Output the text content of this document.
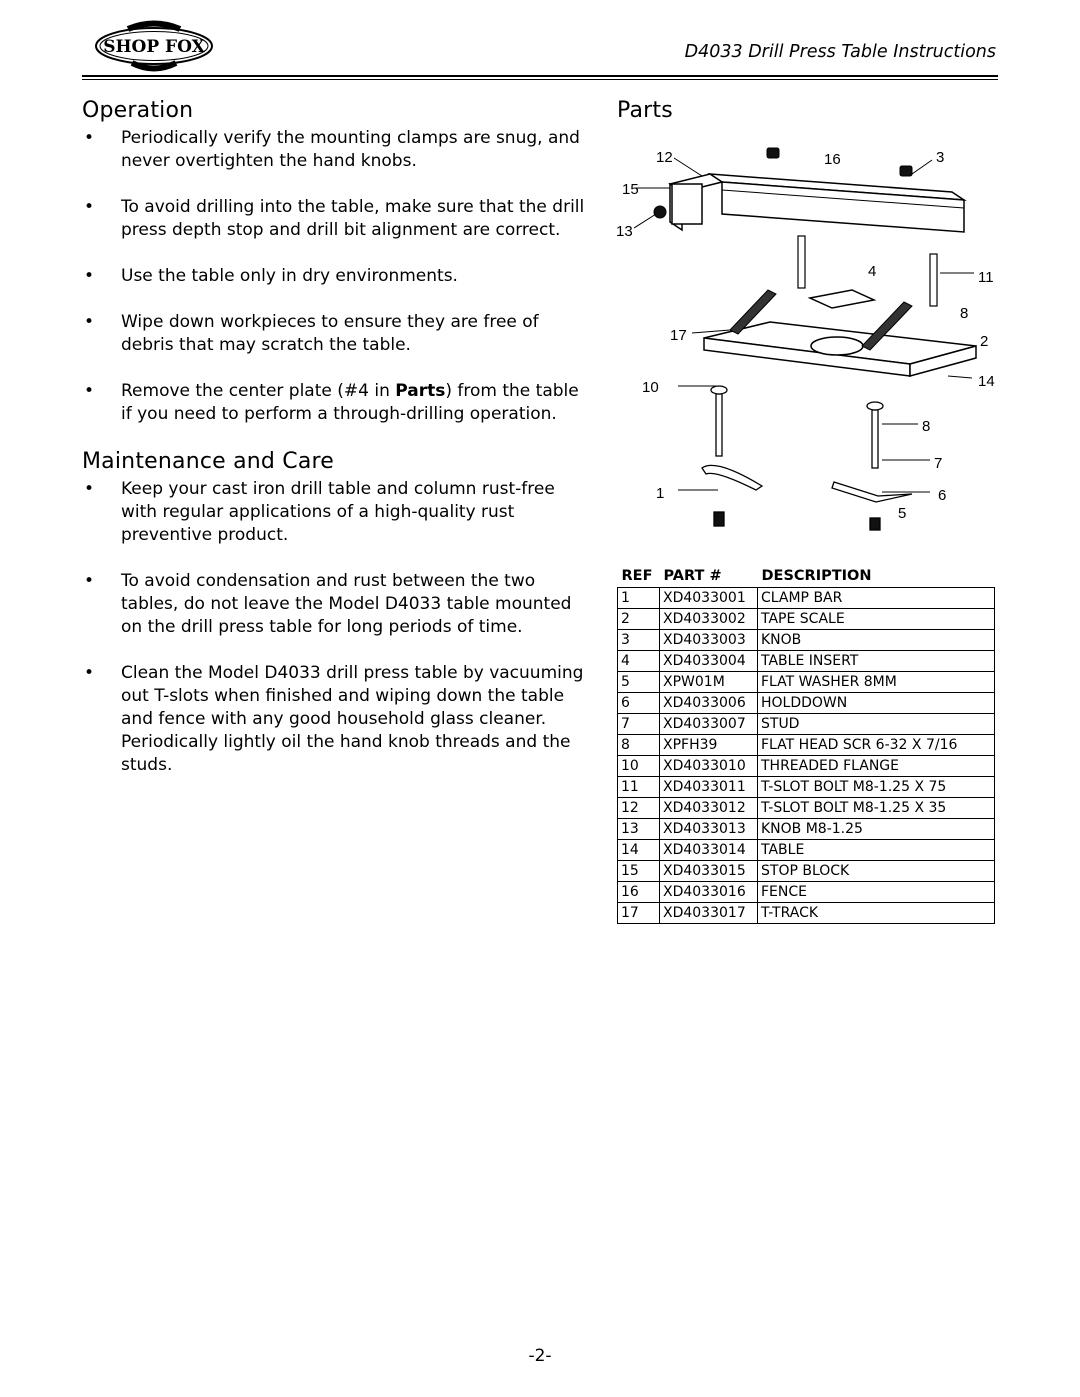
SHOP FOX	D4033 Drill Press Table Instructions
Operation
• Periodically verify the mounting clamps are snug, and never overtighten the hand knobs.
• To avoid drilling into the table, make sure that the drill press depth stop and drill bit alignment are correct.
• Use the table only in dry environments.
• Wipe down workpieces to ensure they are free of debris that may scratch the table.
• Remove the center plate (#4 in Parts) from the table if you need to perform a through-drilling operation.
Maintenance and Care
• Keep your cast iron drill table and column rust-free with regular applications of a high-quality rust preventive product.
• To avoid condensation and rust between the two tables, do not leave the Model D4033 table mounted on the drill press table for long periods of time.
• Clean the Model D4033 drill press table by vacuuming out T-slots when finished and wiping down the table and fence with any good household glass cleaner. Periodically lightly oil the hand knob threads and the studs.
Parts
12	16	3
15
13
4	11
8
17	2
10	14
8
7
1	6
5
REF	PART #	DESCRIPTION
1	XD4033001	CLAMP BAR
2	XD4033002	TAPE SCALE
3	XD4033003	KNOB
4	XD4033004	TABLE INSERT
5	XPW01M	FLAT WASHER 8MM
6	XD4033006	HOLDDOWN
7	XD4033007	STUD
8	XPFH39	FLAT HEAD SCR 6-32 X 7/16
10	XD4033010	THREADED FLANGE
11	XD4033011	T-SLOT BOLT M8-1.25 X 75
12	XD4033012	T-SLOT BOLT M8-1.25 X 35
13	XD4033013	KNOB M8-1.25
14	XD4033014	TABLE
15	XD4033015	STOP BLOCK
16	XD4033016	FENCE
17	XD4033017	T-TRACK
-2-
